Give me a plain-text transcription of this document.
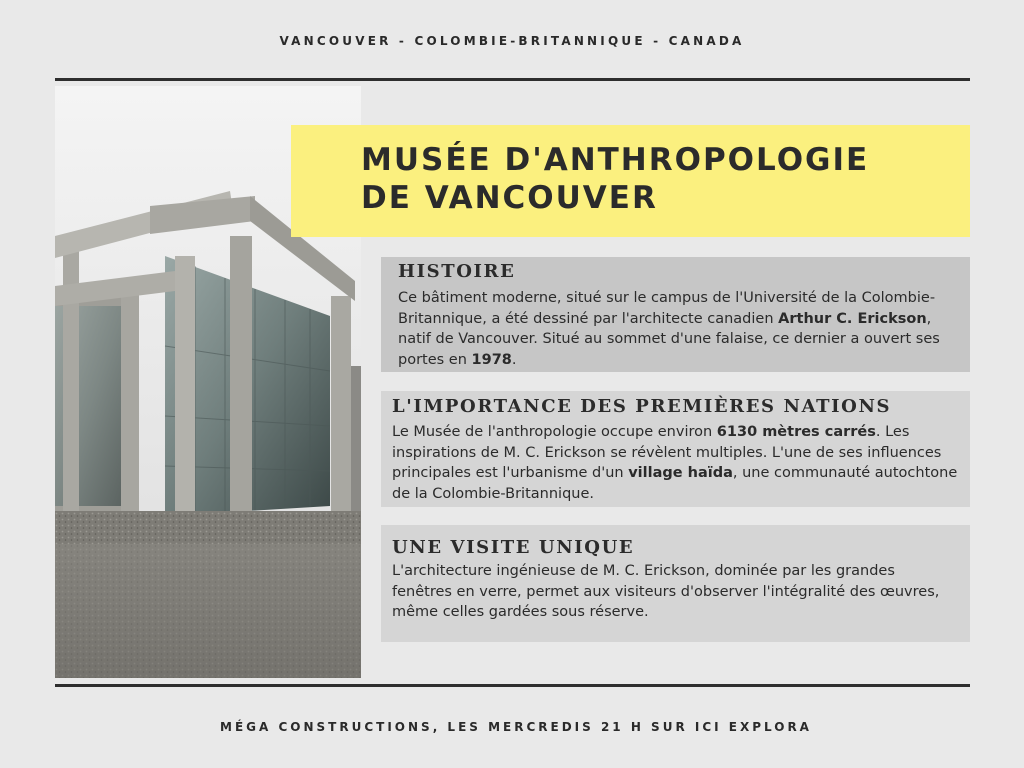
VANCOUVER - COLOMBIE-BRITANNIQUE - CANADA
MUSÉE D'ANTHROPOLOGIE
DE VANCOUVER
HISTOIRE

Ce bâtiment moderne, situé sur le campus de l'Université de la Colombie-Britannique, a été dessiné par l'architecte canadien Arthur C. Erickson, natif de Vancouver. Situé au sommet d'une falaise, ce dernier a ouvert ses portes en 1978.

L'IMPORTANCE DES PREMIÈRES NATIONS

Le Musée de l'anthropologie occupe environ 6130 mètres carrés. Les inspirations de M. C. Erickson se révèlent multiples. L'une de ses influences principales est l'urbanisme d'un village haïda, une communauté autochtone de la Colombie-Britannique.

UNE VISITE UNIQUE

L'architecture ingénieuse de M. C. Erickson, dominée par les grandes fenêtres en verre, permet aux visiteurs d'observer l'intégralité des œuvres, même celles gardées sous réserve.

MÉGA CONSTRUCTIONS, LES MERCREDIS 21 H SUR ICI EXPLORA
